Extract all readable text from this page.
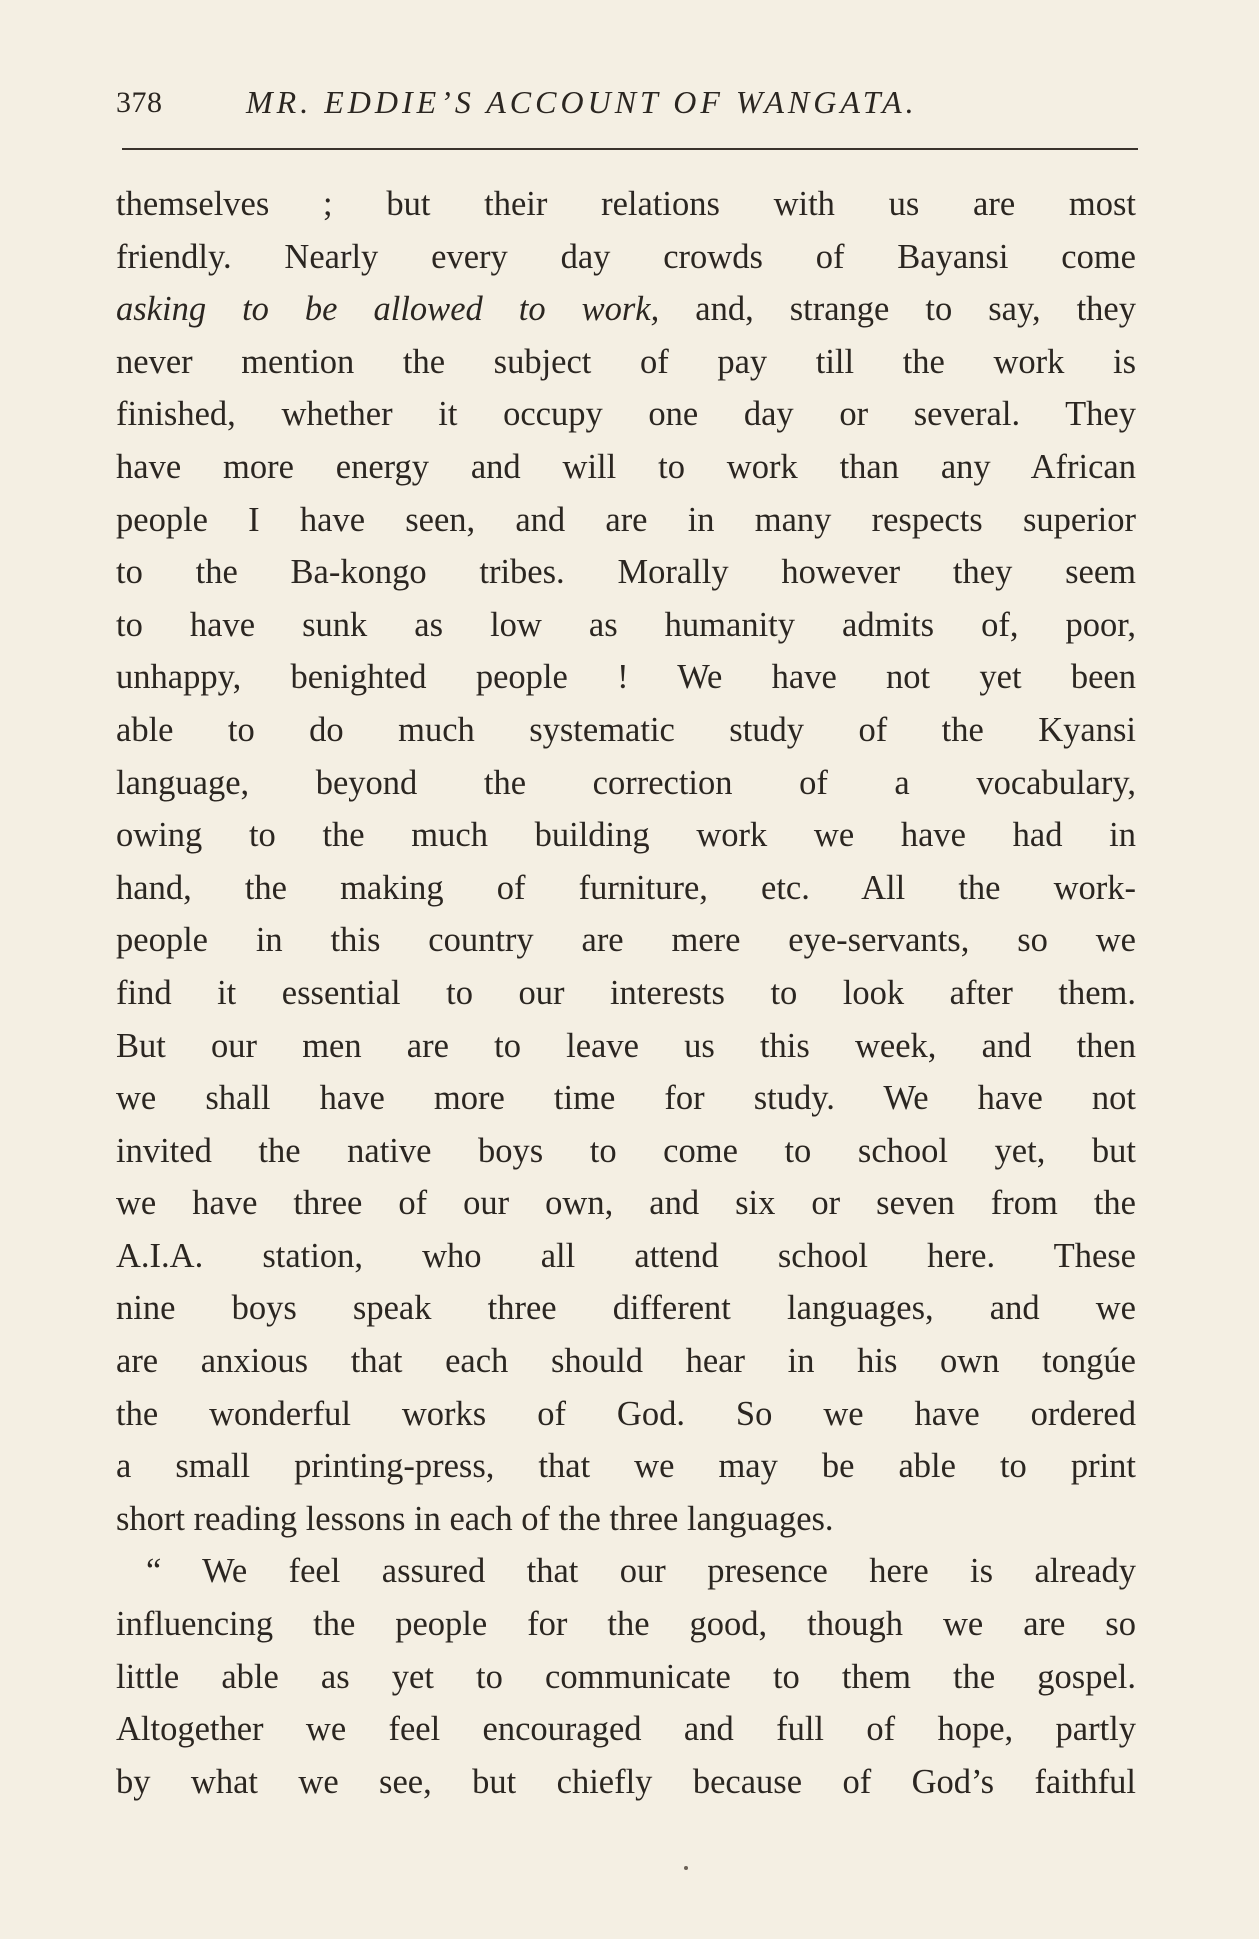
378	MR. EDDIE’S ACCOUNT OF WANGATA.
themselves ; but their relations with us are most
friendly. Nearly every day crowds of Bayansi come
asking to be allowed to work, and, strange to say, they
never mention the subject of pay till the work is
finished, whether it occupy one day or several. They
have more energy and will to work than any African
people I have seen, and are in many respects superior
to the Ba-kongo tribes. Morally however they seem
to have sunk as low as humanity admits of, poor,
unhappy, benighted people ! We have not yet been
able to do much systematic study of the Kyansi
language, beyond the correction of a vocabulary,
owing to the much building work we have had in
hand, the making of furniture, etc. All the work-
people in this country are mere eye-servants, so we
find it essential to our interests to look after them.
But our men are to leave us this week, and then
we shall have more time for study. We have not
invited the native boys to come to school yet, but
we have three of our own, and six or seven from the
A.I.A. station, who all attend school here. These
nine boys speak three different languages, and we
are anxious that each should hear in his own tongúe
the wonderful works of God. So we have ordered
a small printing-press, that we may be able to print
short reading lessons in each of the three languages.
“ We feel assured that our presence here is already
influencing the people for the good, though we are so
little able as yet to communicate to them the gospel.
Altogether we feel encouraged and full of hope, partly
by what we see, but chiefly because of God’s faithful
